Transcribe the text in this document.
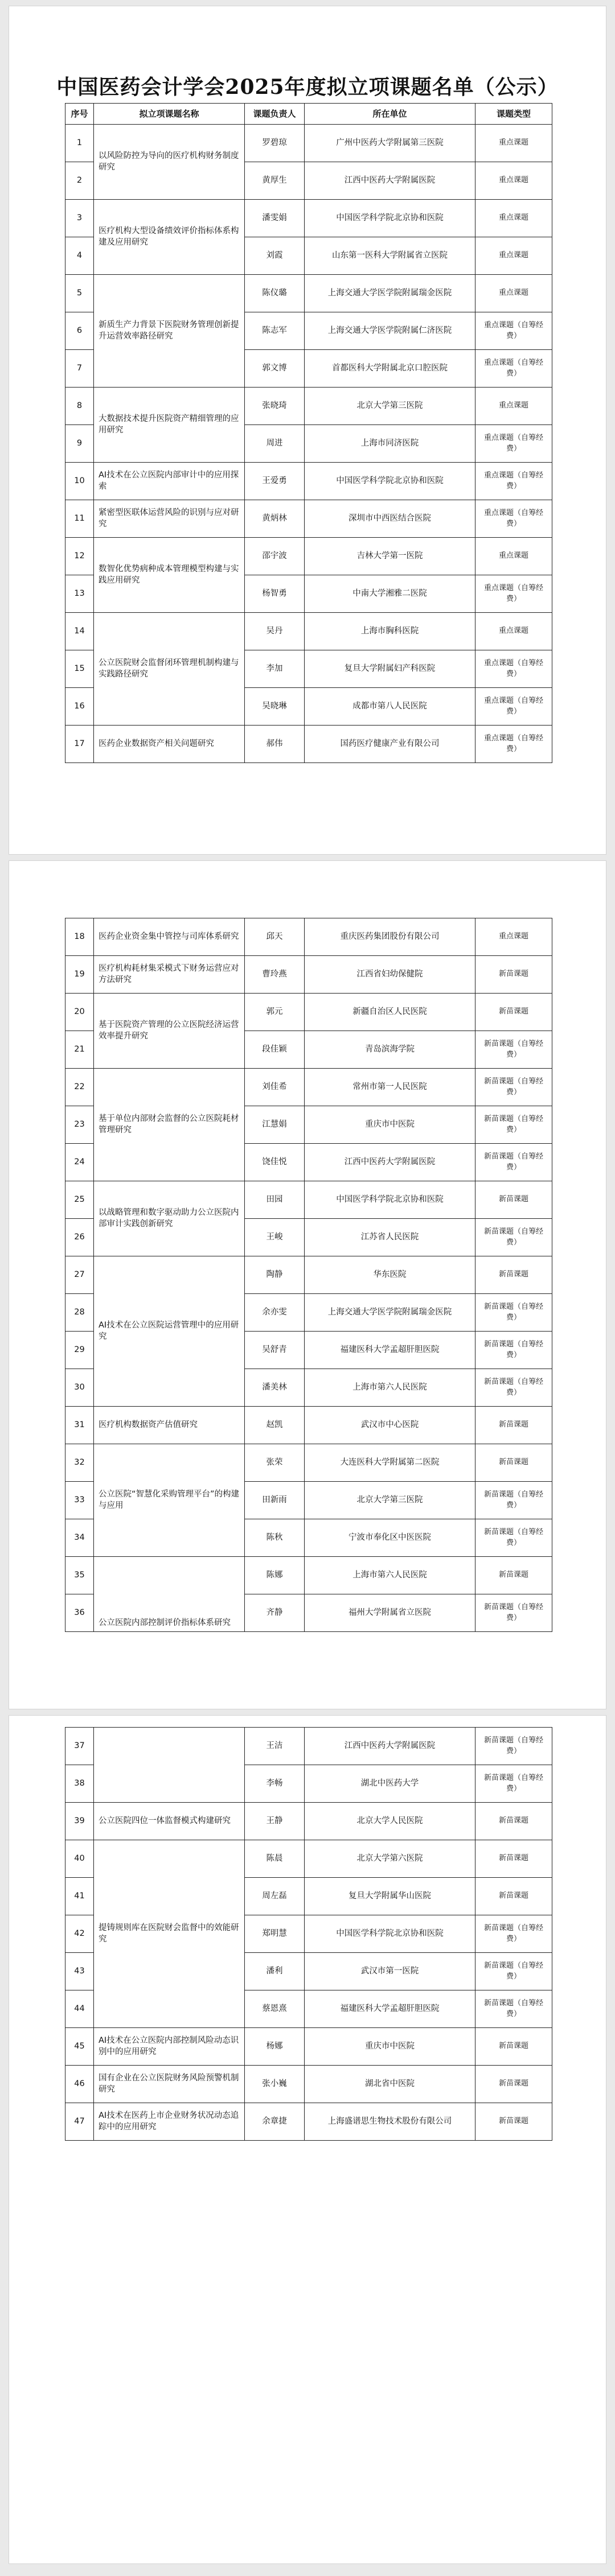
中国医药会计学会2025年度拟立项课题名单（公示）
序号	拟立项课题名称	课题负责人	所在单位	课题类型
1	以风险防控为导向的医疗机构财务制度研究	罗碧琼	广州中医药大学附属第三医院	重点课题
2		黄厚生	江西中医药大学附属医院	重点课题
3	医疗机构大型设备绩效评价指标体系构建及应用研究	潘雯娟	中国医学科学院北京协和医院	重点课题
4		刘霞	山东第一医科大学附属省立医院	重点课题
5	新质生产力背景下医院财务管理创新提升运营效率路径研究	陈仪璐	上海交通大学医学院附属瑞金医院	重点课题
6		陈志军	上海交通大学医学院附属仁济医院	重点课题（自筹经费）
7		郭文博	首都医科大学附属北京口腔医院	重点课题（自筹经费）
8	大数据技术提升医院资产精细管理的应用研究	张晓琦	北京大学第三医院	重点课题
9		周进	上海市同济医院	重点课题（自筹经费）
10	AI技术在公立医院内部审计中的应用探索	王爱勇	中国医学科学院北京协和医院	重点课题（自筹经费）
11	紧密型医联体运营风险的识别与应对研究	黄炳林	深圳市中西医结合医院	重点课题（自筹经费）
12	数智化优势病种成本管理模型构建与实践应用研究	邵宇波	吉林大学第一医院	重点课题
13		杨智勇	中南大学湘雅二医院	重点课题（自筹经费）
14	公立医院财会监督闭环管理机制构建与实践路径研究	吴丹	上海市胸科医院	重点课题
15		李加	复旦大学附属妇产科医院	重点课题（自筹经费）
16		吴晓琳	成都市第八人民医院	重点课题（自筹经费）
17	医药企业数据资产相关问题研究	郝伟	国药医疗健康产业有限公司	重点课题（自筹经费）
18	医药企业资金集中管控与司库体系研究	邱天	重庆医药集团股份有限公司	重点课题
19	医疗机构耗材集采模式下财务运营应对方法研究	曹玲燕	江西省妇幼保健院	新苗课题
20	基于医院资产管理的公立医院经济运营效率提升研究	郭元	新疆自治区人民医院	新苗课题
21		段佳颖	青岛滨海学院	新苗课题（自筹经费）
22	基于单位内部财会监督的公立医院耗材管理研究	刘佳希	常州市第一人民医院	新苗课题（自筹经费）
23		江慧娟	重庆市中医院	新苗课题（自筹经费）
24		饶佳悦	江西中医药大学附属医院	新苗课题（自筹经费）
25	以战略管理和数字驱动助力公立医院内部审计实践创新研究	田园	中国医学科学院北京协和医院	新苗课题
26		王峻	江苏省人民医院	新苗课题（自筹经费）
27	AI技术在公立医院运营管理中的应用研究	陶静	华东医院	新苗课题
28		余亦雯	上海交通大学医学院附属瑞金医院	新苗课题（自筹经费）
29		吴舒青	福建医科大学孟超肝胆医院	新苗课题（自筹经费）
30		潘美林	上海市第六人民医院	新苗课题（自筹经费）
31	医疗机构数据资产估值研究	赵凯	武汉市中心医院	新苗课题
32	公立医院“智慧化采购管理平台”的构建与应用	张荣	大连医科大学附属第二医院	新苗课题
33		田新雨	北京大学第三医院	新苗课题（自筹经费）
34		陈秋	宁波市奉化区中医医院	新苗课题（自筹经费）
35	公立医院内部控制评价指标体系研究	陈娜	上海市第六人民医院	新苗课题
36		齐静	福州大学附属省立医院	新苗课题（自筹经费）
37		王洁	江西中医药大学附属医院	新苗课题（自筹经费）
38		李畅	湖北中医药大学	新苗课题（自筹经费）
39	公立医院四位一体监督模式构建研究	王静	北京大学人民医院	新苗课题
40	提铸规则库在医院财会监督中的效能研究	陈晨	北京大学第六医院	新苗课题
41		周左磊	复旦大学附属华山医院	新苗课题
42		郑明慧	中国医学科学院北京协和医院	新苗课题（自筹经费）
43		潘利	武汉市第一医院	新苗课题（自筹经费）
44		蔡恩熹	福建医科大学孟超肝胆医院	新苗课题（自筹经费）
45	AI技术在公立医院内部控制风险动态识别中的应用研究	杨娜	重庆市中医院	新苗课题
46	国有企业在公立医院财务风险预警机制研究	张小巍	湖北省中医院	新苗课题
47	AI技术在医药上市企业财务状况动态追踪中的应用研究	余章捷	上海盛谱思生物技术股份有限公司	新苗课题
